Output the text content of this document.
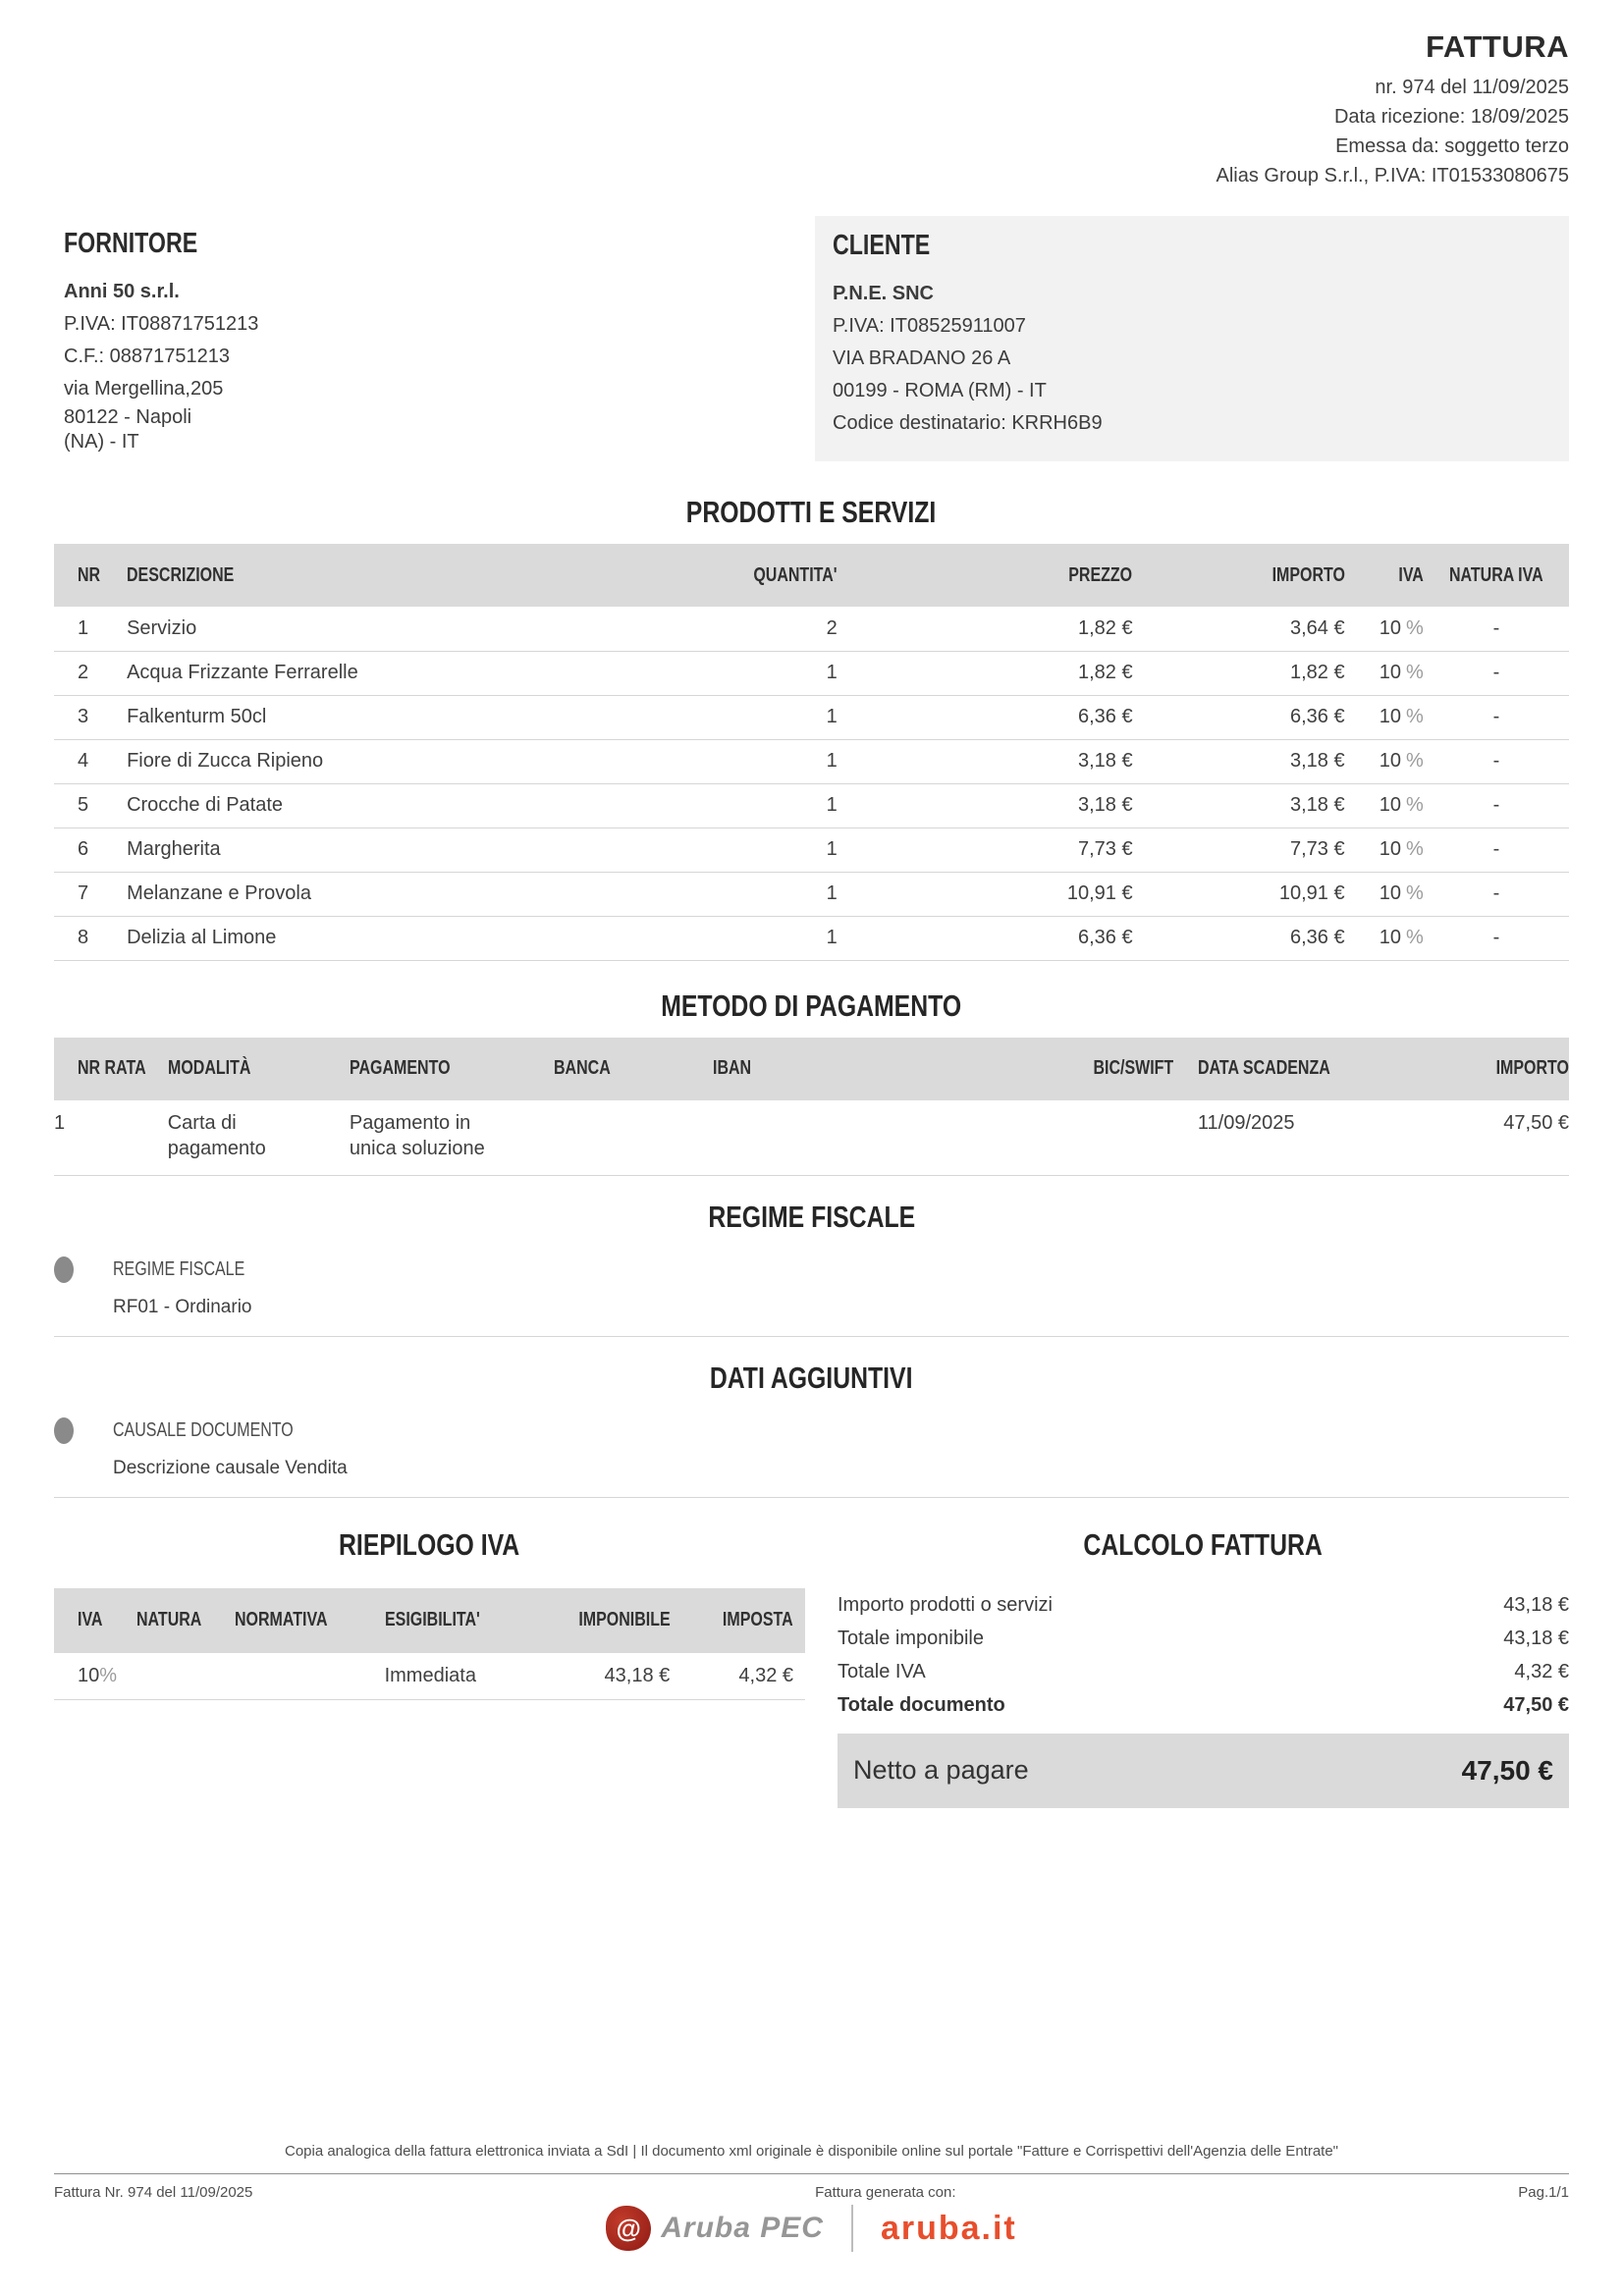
FATTURA
nr. 974 del 11/09/2025
Data ricezione: 18/09/2025
Emessa da: soggetto terzo
Alias Group S.r.l., P.IVA: IT01533080675
FORNITORE
Anni 50 s.r.l.
P.IVA: IT08871751213
C.F.: 08871751213
via Mergellina,205
80122 - Napoli
(NA) - IT
CLIENTE
P.N.E. SNC
P.IVA: IT08525911007
VIA BRADANO 26 A
00199 - ROMA (RM) - IT
Codice destinatario: KRRH6B9
PRODOTTI E SERVIZI
NR	DESCRIZIONE	QUANTITA'	PREZZO	IMPORTO	IVA	NATURA IVA
1	Servizio	2	1,82 €	3,64 €	10 %	-
2	Acqua Frizzante Ferrarelle	1	1,82 €	1,82 €	10 %	-
3	Falkenturm 50cl	1	6,36 €	6,36 €	10 %	-
4	Fiore di Zucca Ripieno	1	3,18 €	3,18 €	10 %	-
5	Crocche di Patate	1	3,18 €	3,18 €	10 %	-
6	Margherita	1	7,73 €	7,73 €	10 %	-
7	Melanzane e Provola	1	10,91 €	10,91 €	10 %	-
8	Delizia al Limone	1	6,36 €	6,36 €	10 %	-
METODO DI PAGAMENTO
NR RATA	MODALITÀ	PAGAMENTO	BANCA	IBAN	BIC/SWIFT	DATA SCADENZA	IMPORTO
1	Carta di pagamento	Pagamento in unica soluzione				11/09/2025	47,50 €
REGIME FISCALE
REGIME FISCALE
RF01 - Ordinario
DATI AGGIUNTIVI
CAUSALE DOCUMENTO
Descrizione causale Vendita
RIEPILOGO IVA
IVA	NATURA	NORMATIVA	ESIGIBILITA'	IMPONIBILE	IMPOSTA
10%			Immediata	43,18 €	4,32 €
CALCOLO FATTURA
Importo prodotti o servizi	43,18 €
Totale imponibile	43,18 €
Totale IVA	4,32 €
Totale documento	47,50 €
Netto a pagare	47,50 €
Copia analogica della fattura elettronica inviata a SdI | Il documento xml originale è disponibile online sul portale "Fatture e Corrispettivi dell'Agenzia delle Entrate"
Fattura Nr. 974 del 11/09/2025	Fattura generata con:	Pag.1/1
@ Aruba PEC aruba.it
